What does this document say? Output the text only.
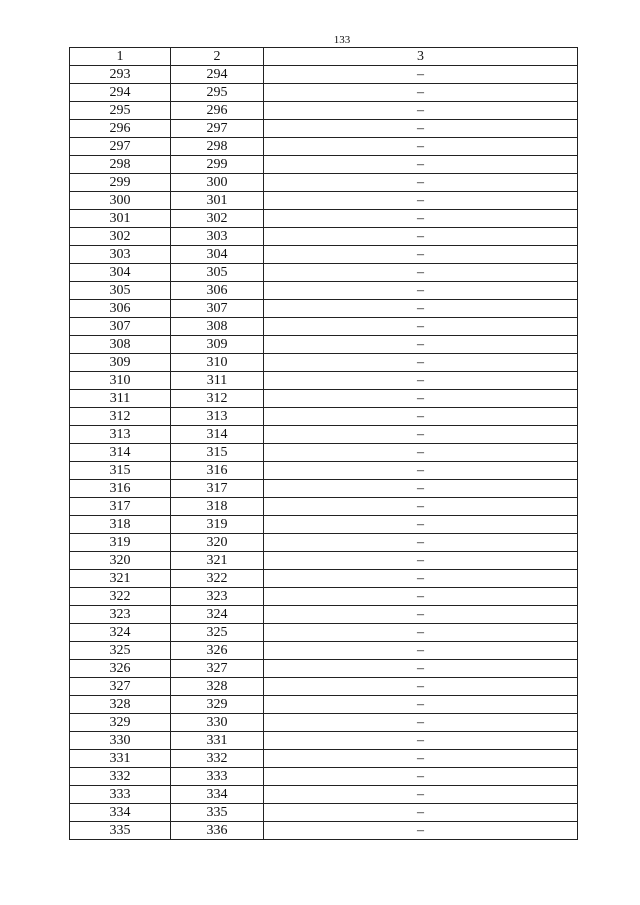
133
1	2	3
293	294	–
294	295	–
295	296	–
296	297	–
297	298	–
298	299	–
299	300	–
300	301	–
301	302	–
302	303	–
303	304	–
304	305	–
305	306	–
306	307	–
307	308	–
308	309	–
309	310	–
310	311	–
311	312	–
312	313	–
313	314	–
314	315	–
315	316	–
316	317	–
317	318	–
318	319	–
319	320	–
320	321	–
321	322	–
322	323	–
323	324	–
324	325	–
325	326	–
326	327	–
327	328	–
328	329	–
329	330	–
330	331	–
331	332	–
332	333	–
333	334	–
334	335	–
335	336	–
